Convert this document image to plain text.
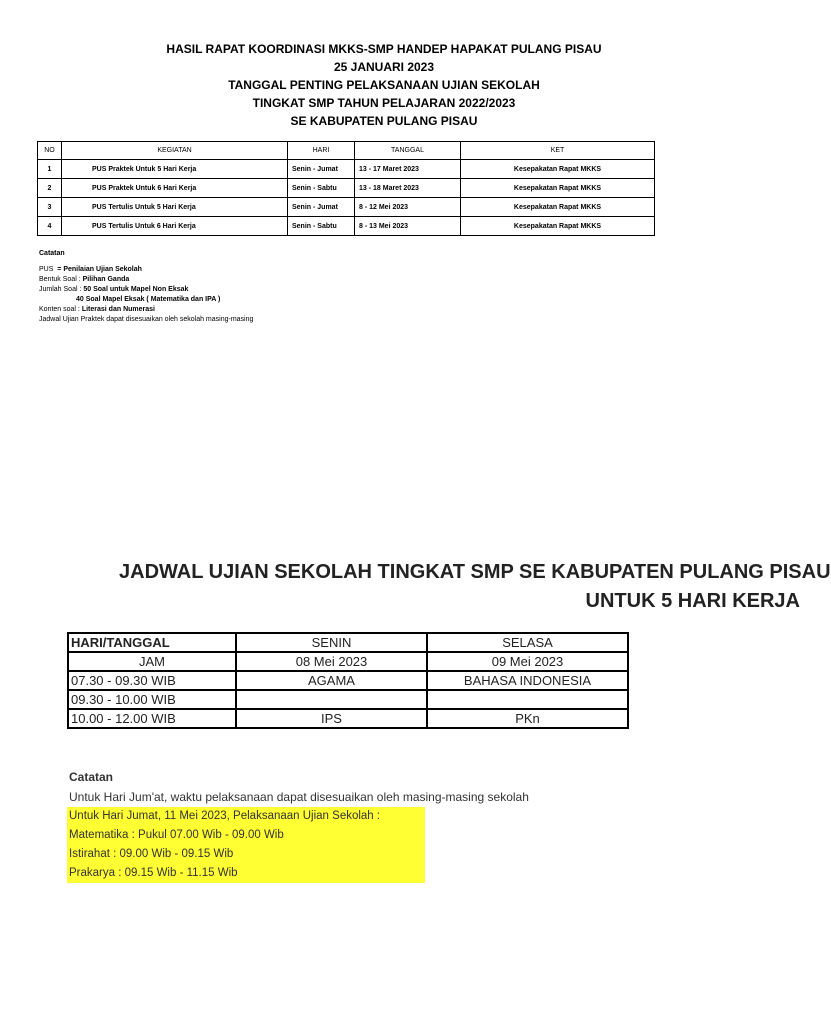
HASIL RAPAT KOORDINASI MKKS-SMP HANDEP HAPAKAT PULANG PISAU
25 JANUARI 2023
TANGGAL PENTING PELAKSANAAN UJIAN SEKOLAH
TINGKAT SMP TAHUN PELAJARAN 2022/2023
SE KABUPATEN PULANG PISAU
NO	KEGIATAN	HARI	TANGGAL	KET
1	PUS Praktek Untuk 5 Hari Kerja	Senin - Jumat	13 - 17 Maret 2023	Kesepakatan Rapat MKKS
2	PUS Praktek Untuk 6 Hari Kerja	Senin - Sabtu	13 - 18 Maret 2023	Kesepakatan Rapat MKKS
3	PUS Tertulis Untuk 5 Hari Kerja	Senin - Jumat	8 - 12 Mei 2023	Kesepakatan Rapat MKKS
4	PUS Tertulis Untuk 6 Hari Kerja	Senin - Sabtu	8 - 13 Mei 2023	Kesepakatan Rapat MKKS
Catatan
PUS = Penilaian Ujian Sekolah
Bentuk Soal : Pilihan Ganda
Jumlah Soal : 50 Soal untuk Mapel Non Eksak
40 Soal Mapel Eksak ( Matematika dan IPA )
Konten soal : Literasi dan Numerasi
Jadwal Ujian Praktek dapat disesuaikan oleh sekolah masing-masing
JADWAL UJIAN SEKOLAH TINGKAT SMP SE KABUPATEN PULANG PISAU
UNTUK 5 HARI KERJA
HARI/TANGGAL	SENIN	SELASA
JAM	08 Mei 2023	09 Mei 2023
07.30 - 09.30 WIB	AGAMA	BAHASA INDONESIA
09.30 - 10.00 WIB		
10.00 - 12.00 WIB	IPS	PKn
Catatan
Untuk Hari Jum'at, waktu pelaksanaan dapat disesuaikan oleh masing-masing sekolah
Untuk Hari Jumat, 11 Mei 2023, Pelaksanaan Ujian Sekolah :
Matematika : Pukul 07.00 Wib - 09.00 Wib
Istirahat : 09.00 Wib - 09.15 Wib
Prakarya : 09.15 Wib - 11.15 Wib
